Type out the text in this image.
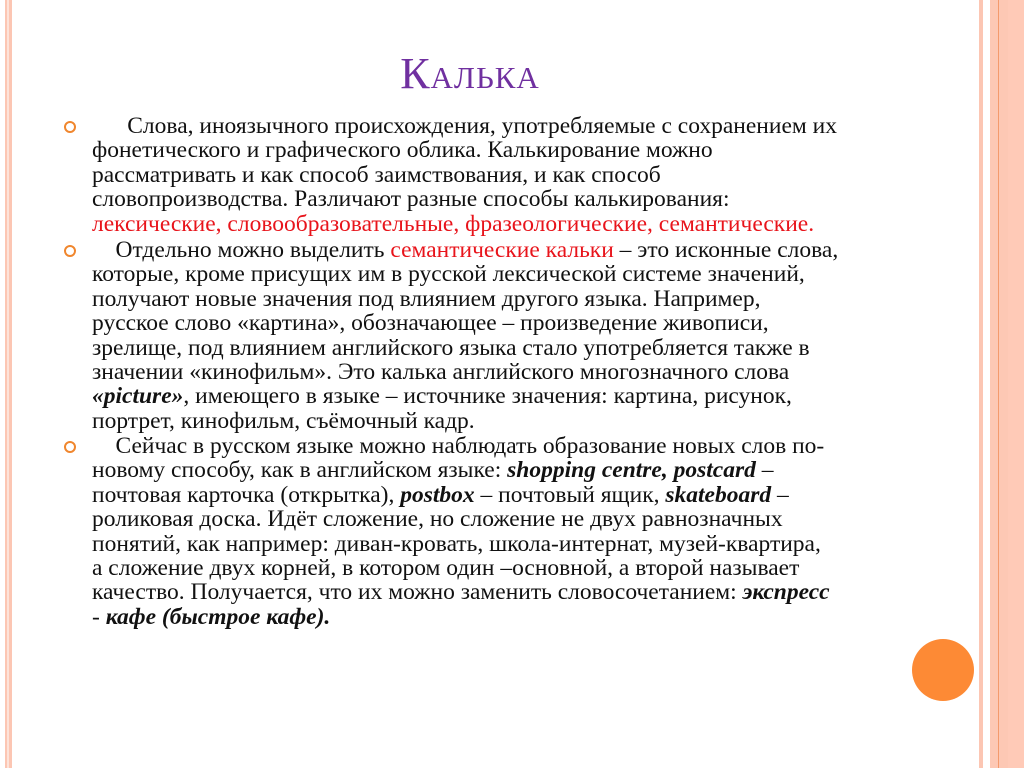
Калька
Слова, иноязычного происхождения, употребляемые с сохранением их
фонетического и графического облика. Калькирование можно
рассматривать и как способ заимствования, и как способ
словопроизводства. Различают разные способы калькирования:
лексические, словообразовательные, фразеологические, семантические.
Отдельно можно выделить семантические кальки – это исконные слова,
которые, кроме присущих им в русской лексической системе значений,
получают новые значения под влиянием другого языка. Например,
русское слово «картина», обозначающее – произведение живописи,
зрелище, под влиянием английского языка стало употребляется также в
значении «кинофильм». Это калька английского многозначного слова
«picture», имеющего в языке – источнике значения: картина, рисунок,
портрет, кинофильм, съёмочный кадр.
Сейчас в русском языке можно наблюдать образование новых слов по-
новому способу, как в английском языке: shopping centre, postcard –
почтовая карточка (открытка), postbox – почтовый ящик, skateboard –
роликовая доска. Идёт сложение, но сложение не двух равнозначных
понятий, как например: диван-кровать, школа-интернат, музей-квартира,
а сложение двух корней, в котором один –основной, а второй называет
качество. Получается, что их можно заменить словосочетанием: экспресс
- кафе (быстрое кафе).
